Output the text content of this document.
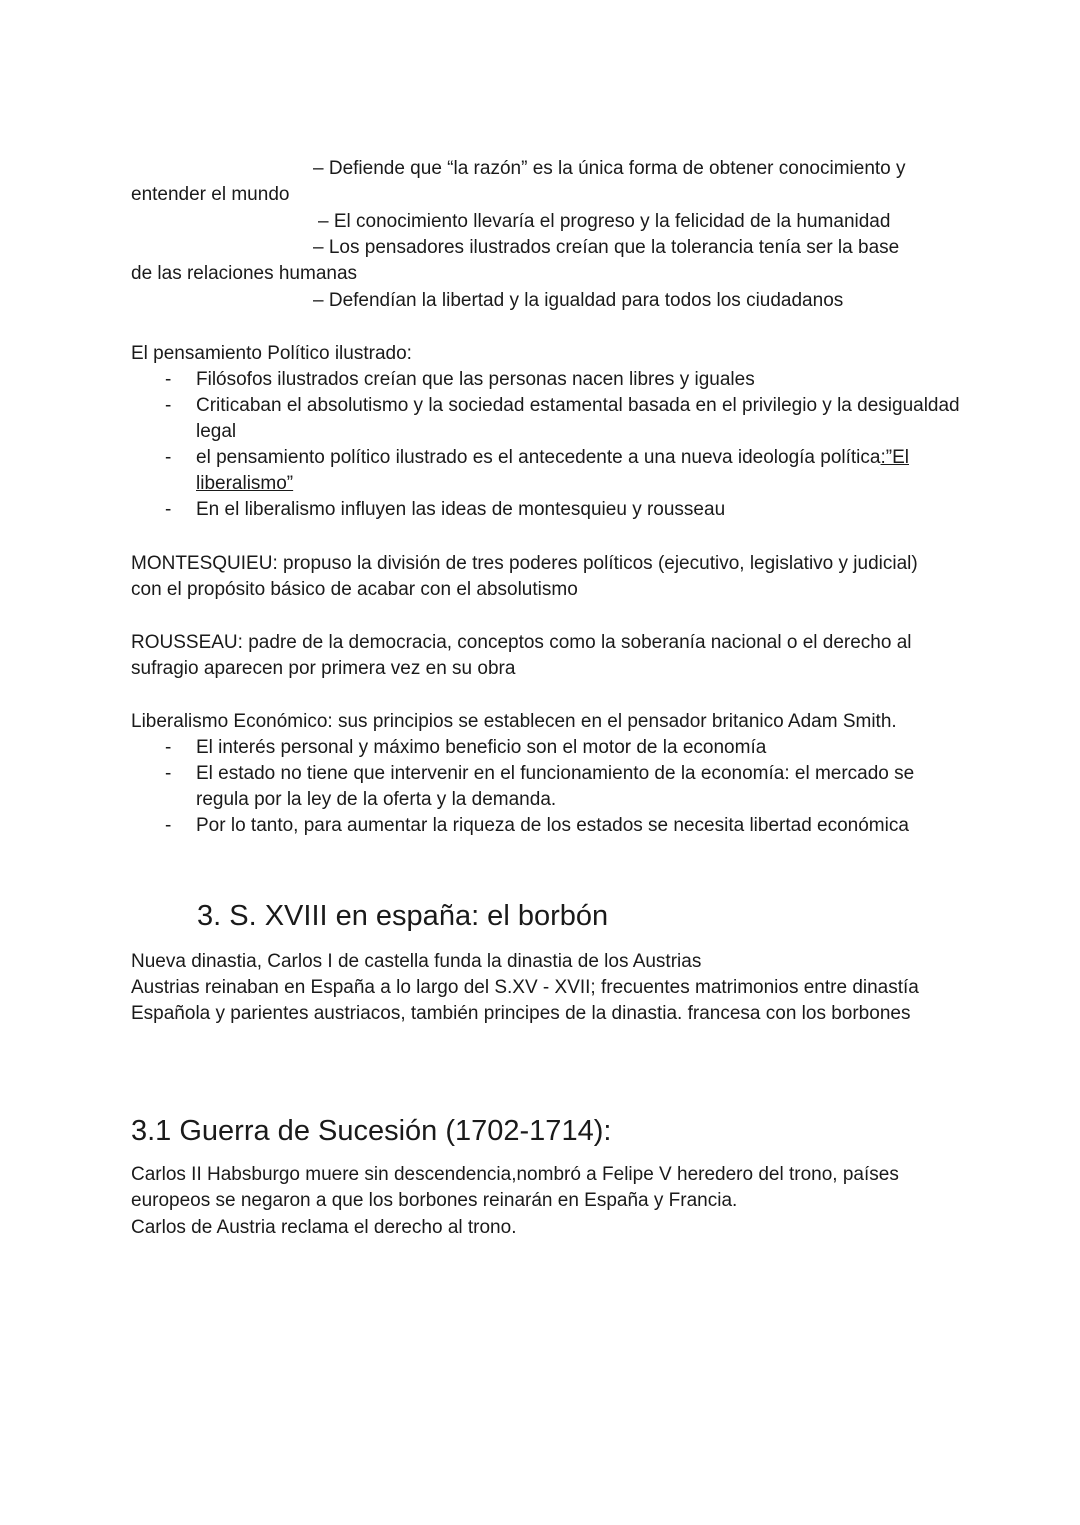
– Defiende que “la razón” es la única forma de obtener conocimiento y

entender el mundo

– El conocimiento llevaría el progreso y la felicidad de la humanidad

– Los pensadores ilustrados creían que la tolerancia tenía ser la base

de las relaciones humanas

– Defendían la libertad y la igualdad para todos los ciudadanos

El pensamiento Político ilustrado:

- Filósofos ilustrados creían que las personas nacen libres y iguales
- Criticaban el absolutismo y la sociedad estamental basada en el privilegio y la desigualdad legal
- el pensamiento político ilustrado es el antecedente a una nueva ideología política:”El liberalismo”
- En el liberalismo influyen las ideas de montesquieu y rousseau

MONTESQUIEU: propuso la división de tres poderes políticos (ejecutivo, legislativo y judicial) con el propósito básico de acabar con el absolutismo

ROUSSEAU: padre de la democracia, conceptos como la soberanía nacional o el derecho al sufragio aparecen por primera vez en su obra

Liberalismo Económico: sus principios se establecen en el pensador britanico Adam Smith.

- El interés personal y máximo beneficio son el motor de la economía
- El estado no tiene que intervenir en el funcionamiento de la economía: el mercado se regula por la ley de la oferta y la demanda.
- Por lo tanto, para aumentar la riqueza de los estados se necesita libertad económica
3. S. XVIII en españa: el borbón

Nueva dinastia, Carlos I de castella funda la dinastia de los Austrias

Austrias reinaban en España a lo largo del S.XV - XVII; frecuentes matrimonios entre dinastía Española y parientes austriacos, también principes de la dinastia. francesa con los borbones

3.1 Guerra de Sucesión (1702-1714):

Carlos II Habsburgo muere sin descendencia,nombró a Felipe V heredero del trono, países europeos se negaron a que los borbones reinarán en España y Francia.

Carlos de Austria reclama el derecho al trono.
